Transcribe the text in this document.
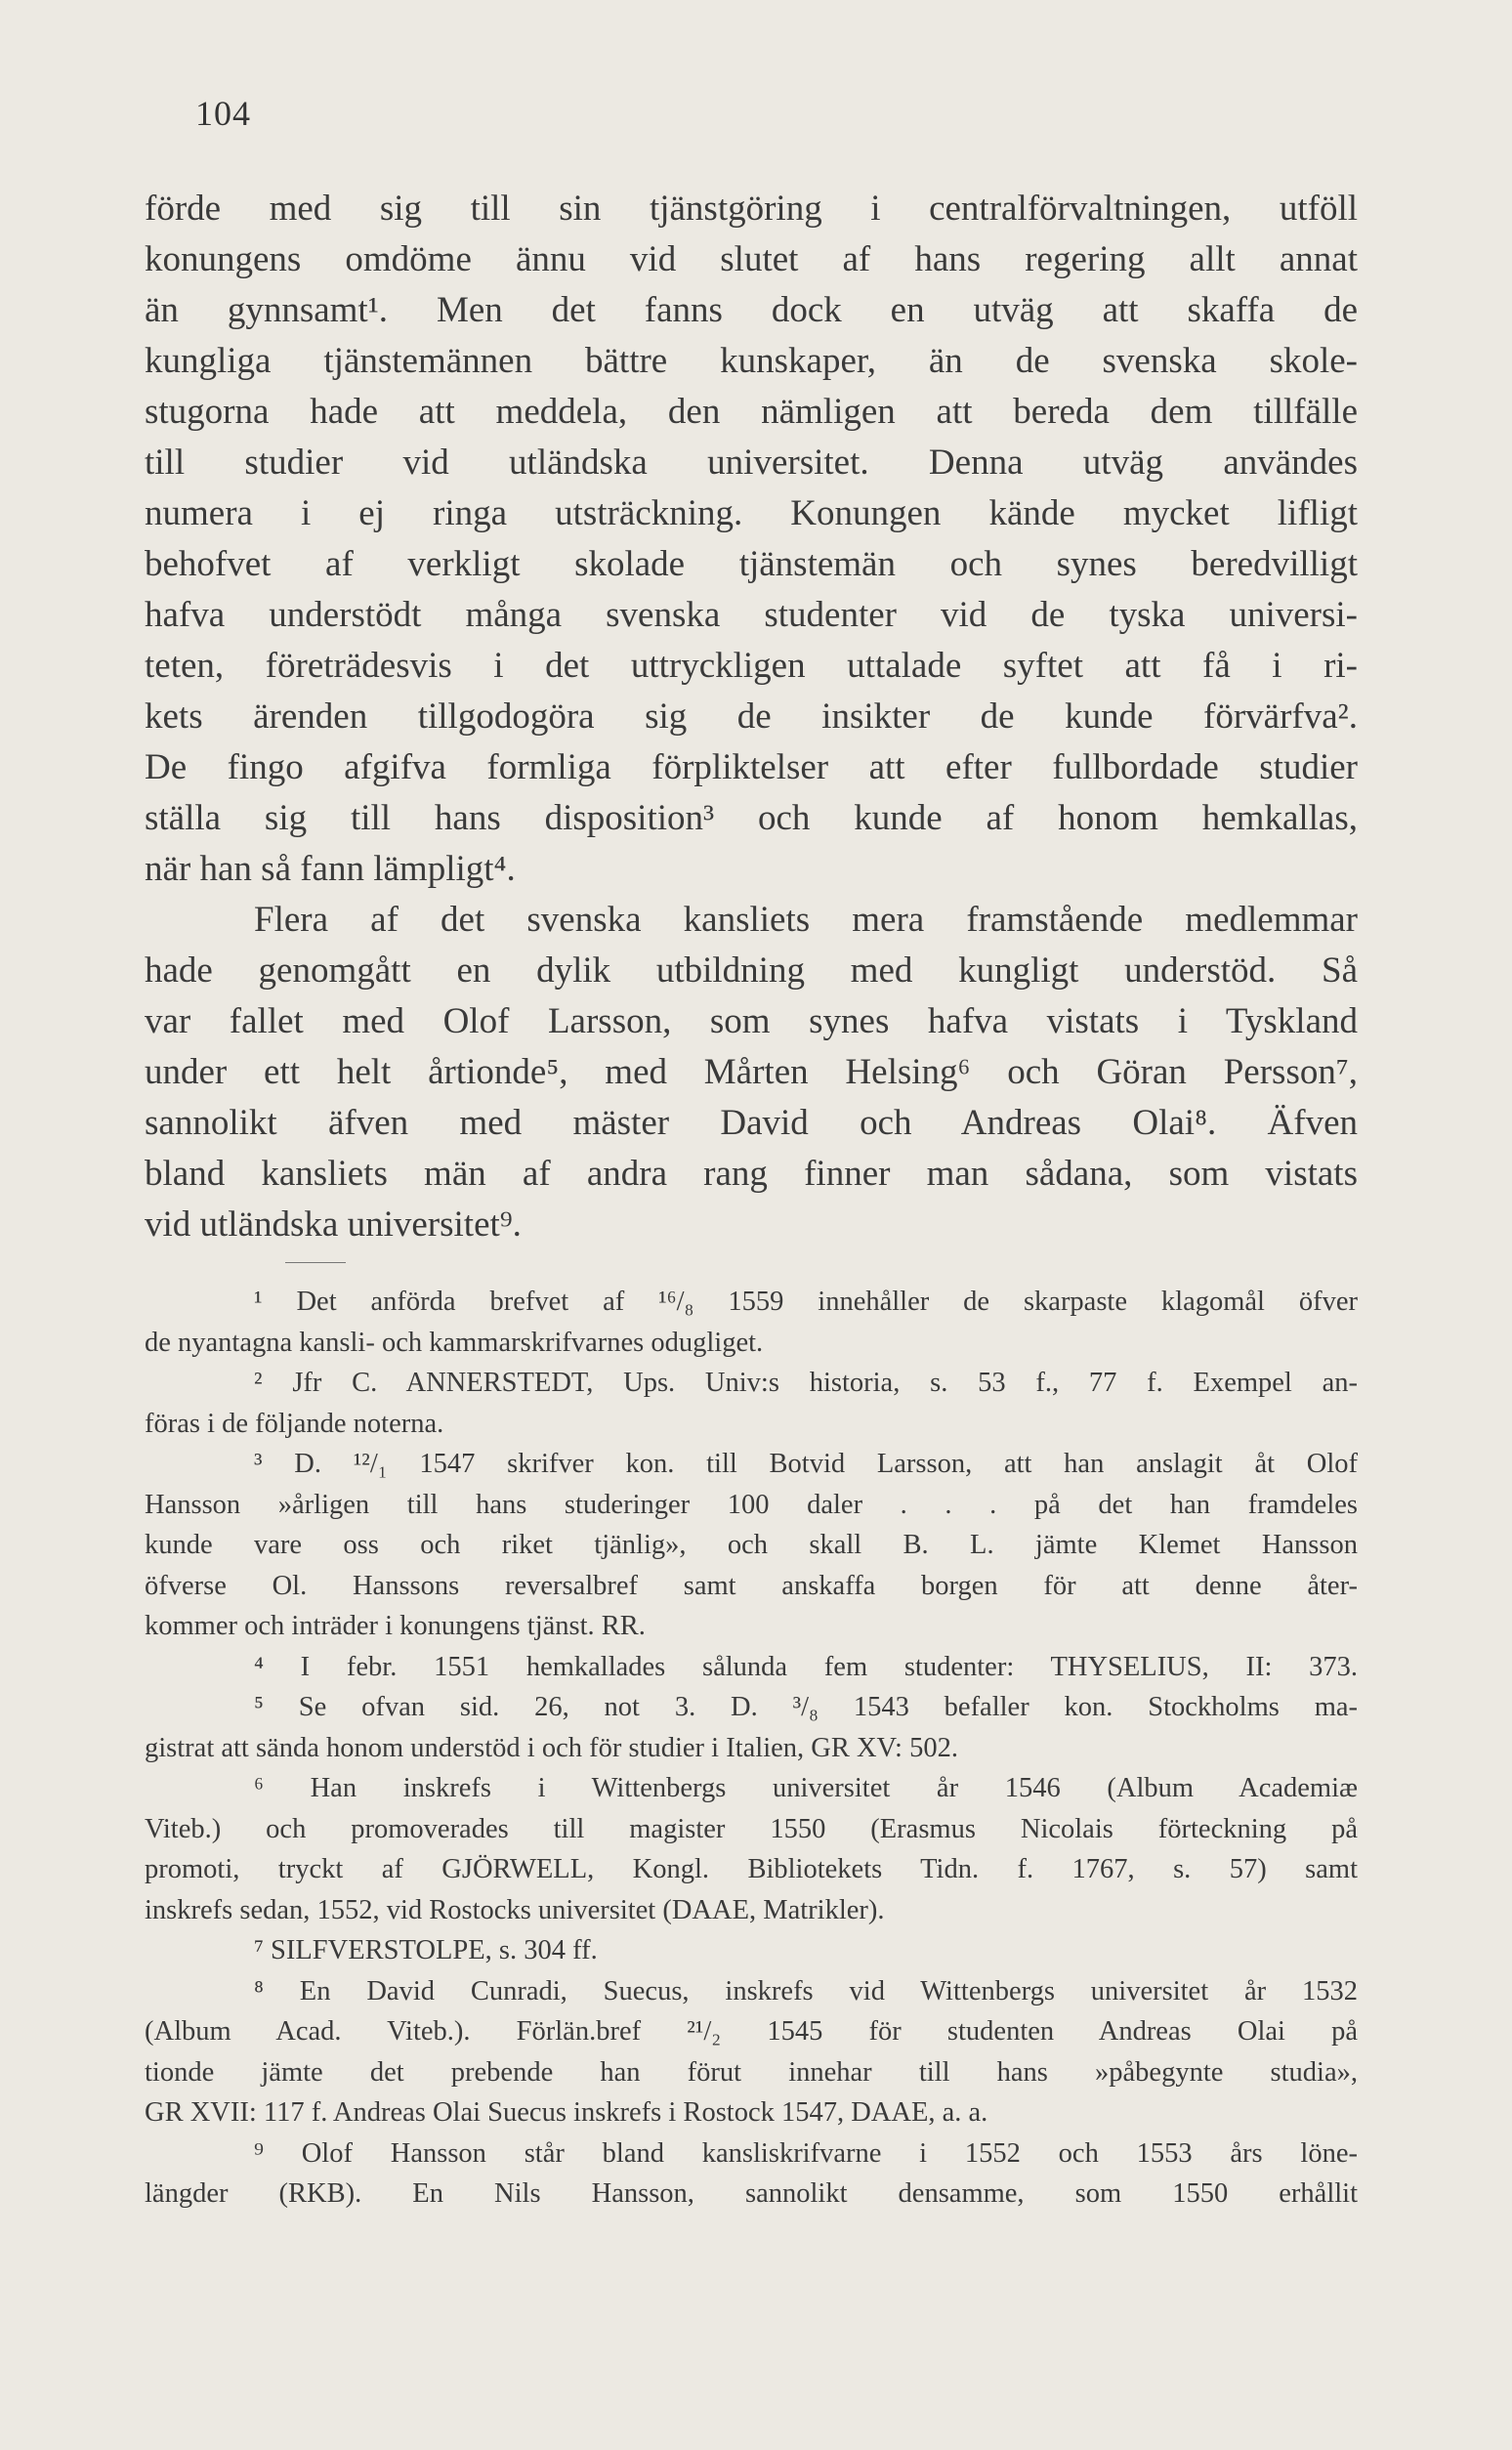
104
förde med sig till sin tjänstgöring i centralförvaltningen, utföll
konungens omdöme ännu vid slutet af hans regering allt annat
än gynnsamt¹. Men det fanns dock en utväg att skaffa de
kungliga tjänstemännen bättre kunskaper, än de svenska skole-
stugorna hade att meddela, den nämligen att bereda dem tillfälle
till studier vid utländska universitet. Denna utväg användes
numera i ej ringa utsträckning. Konungen kände mycket lifligt
behofvet af verkligt skolade tjänstemän och synes beredvilligt
hafva understödt många svenska studenter vid de tyska universi-
teten, företrädesvis i det uttryckligen uttalade syftet att få i ri-
kets ärenden tillgodogöra sig de insikter de kunde förvärfva².
De fingo afgifva formliga förpliktelser att efter fullbordade studier
ställa sig till hans disposition³ och kunde af honom hemkallas,
när han så fann lämpligt⁴.
Flera af det svenska kansliets mera framstående medlemmar
hade genomgått en dylik utbildning med kungligt understöd. Så
var fallet med Olof Larsson, som synes hafva vistats i Tyskland
under ett helt årtionde⁵, med Mårten Helsing⁶ och Göran Persson⁷,
sannolikt äfven med mäster David och Andreas Olai⁸. Äfven
bland kansliets män af andra rang finner man sådana, som vistats
vid utländska universitet⁹.
¹ Det anförda brefvet af ¹⁶/₈ 1559 innehåller de skarpaste klagomål öfver
de nyantagna kansli- och kammarskrifvarnes odugliget.
² Jfr C. ANNERSTEDT, Ups. Univ:s historia, s. 53 f., 77 f. Exempel an-
föras i de följande noterna.
³ D. ¹²/₁ 1547 skrifver kon. till Botvid Larsson, att han anslagit åt Olof
Hansson »årligen till hans studeringer 100 daler . . . på det han framdeles
kunde vare oss och riket tjänlig», och skall B. L. jämte Klemet Hansson
öfverse Ol. Hanssons reversalbref samt anskaffa borgen för att denne åter-
kommer och inträder i konungens tjänst. RR.
⁴ I febr. 1551 hemkallades sålunda fem studenter: THYSELIUS, II: 373.
⁵ Se ofvan sid. 26, not 3. D. ³/₈ 1543 befaller kon. Stockholms ma-
gistrat att sända honom understöd i och för studier i Italien, GR XV: 502.
⁶ Han inskrefs i Wittenbergs universitet år 1546 (Album Academiæ
Viteb.) och promoverades till magister 1550 (Erasmus Nicolais förteckning på
promoti, tryckt af GJÖRWELL, Kongl. Bibliotekets Tidn. f. 1767, s. 57) samt
inskrefs sedan, 1552, vid Rostocks universitet (DAAE, Matrikler).
⁷ SILFVERSTOLPE, s. 304 ff.
⁸ En David Cunradi, Suecus, inskrefs vid Wittenbergs universitet år 1532
(Album Acad. Viteb.). Förlän.bref ²¹/₂ 1545 för studenten Andreas Olai på
tionde jämte det prebende han förut innehar till hans »påbegynte studia»,
GR XVII: 117 f. Andreas Olai Suecus inskrefs i Rostock 1547, DAAE, a. a.
⁹ Olof Hansson står bland kansliskrifvarne i 1552 och 1553 års löne-
längder (RKB). En Nils Hansson, sannolikt densamme, som 1550 erhållit
